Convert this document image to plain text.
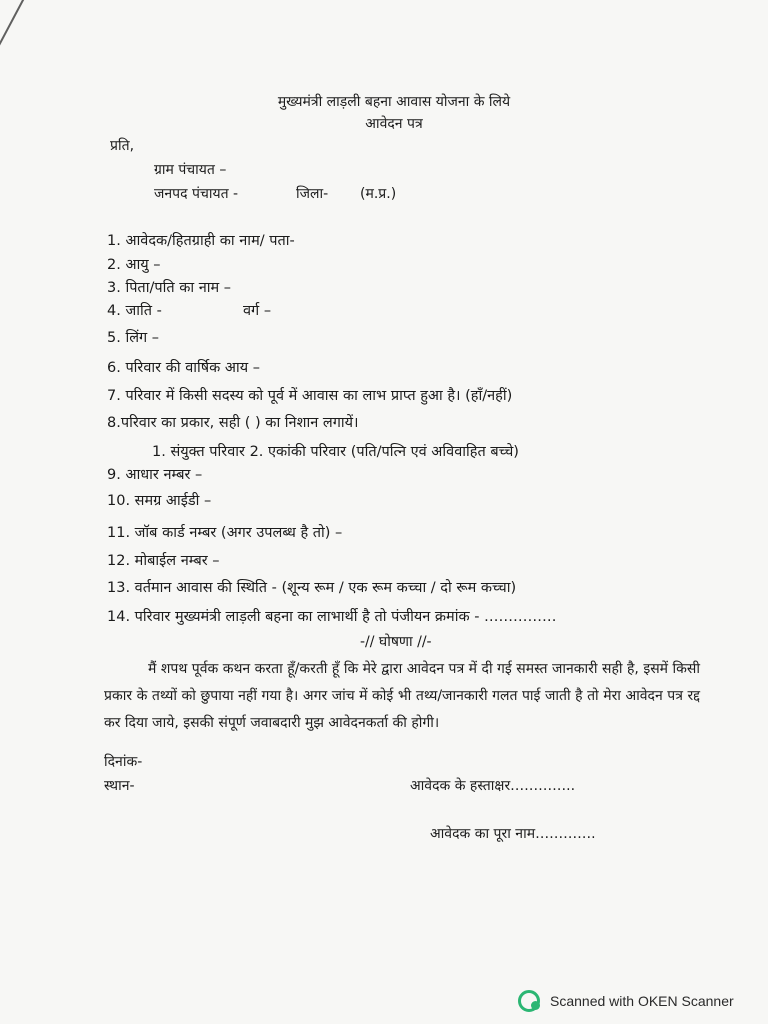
मुख्यमंत्री लाड़ली बहना आवास योजना के लिये
आवेदन पत्र
प्रति,
ग्राम पंचायत –
जनपद पंचायत -	जिला- (म.प्र.)
1. आवेदक/हितग्राही का नाम/ पता-
2. आयु –
3. पिता/पति का नाम –
4. जाति -	वर्ग –
5. लिंग –
6. परिवार की वार्षिक आय –
7. परिवार में किसी सदस्य को पूर्व में आवास का लाभ प्राप्त हुआ है। (हाँ/नहीं)
8.परिवार का प्रकार, सही ( ) का निशान लगायें।
1. संयुक्त परिवार 2. एकांकी परिवार (पति/पत्नि एवं अविवाहित बच्चे)
9. आधार नम्बर –
10. समग्र आईडी –
11. जॉब कार्ड नम्बर (अगर उपलब्ध है तो) –
12. मोबाईल नम्बर –
13. वर्तमान आवास की स्थिति - (शून्य रूम / एक रूम कच्चा / दो रूम कच्चा)
14. परिवार मुख्यमंत्री लाड़ली बहना का लाभार्थी है तो पंजीयन क्रमांक - ……………
-// घोषणा //-
मैं शपथ पूर्वक कथन करता हूँ/करती हूँ कि मेरे द्वारा आवेदन पत्र में दी गई समस्त जानकारी सही है, इसमें किसी प्रकार के तथ्यों को छुपाया नहीं गया है। अगर जांच में कोई भी तथ्य/जानकारी गलत पाई जाती है तो मेरा आवेदन पत्र रद्द कर दिया जाये, इसकी संपूर्ण जवाबदारी मुझ आवेदनकर्ता की होगी।
दिनांक-
स्थान-	आवेदक के हस्ताक्षर…………..
आवेदक का पूरा नाम………….
Scanned with OKEN Scanner
